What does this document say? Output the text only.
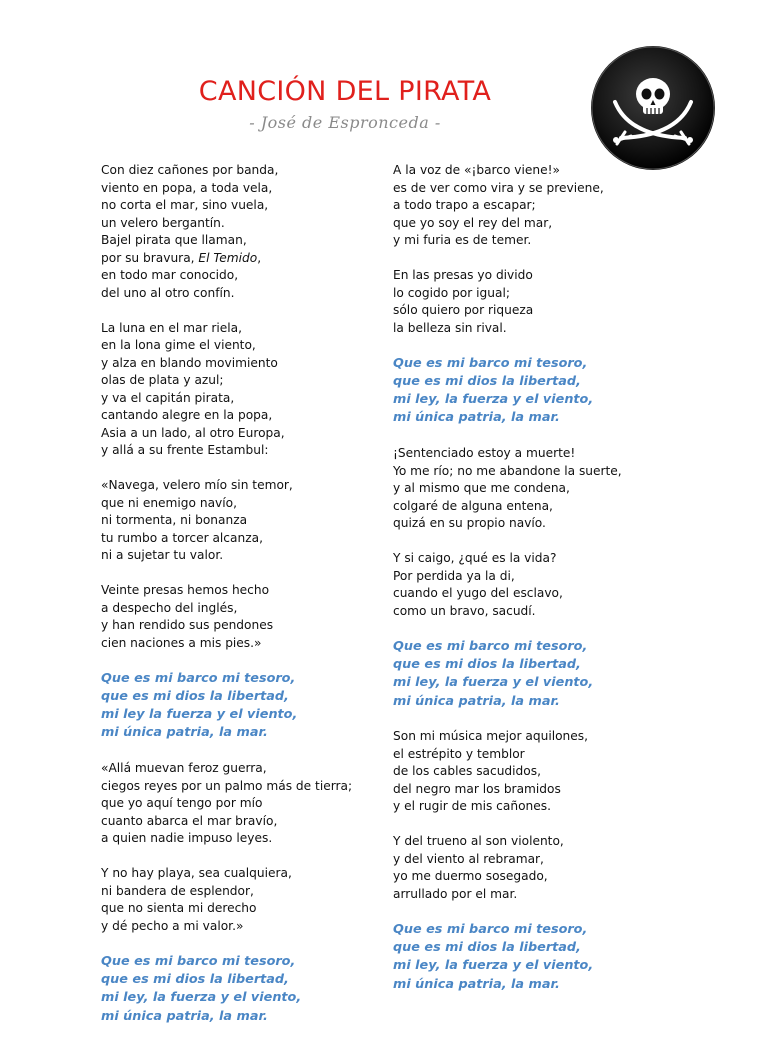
CANCIÓN DEL PIRATA
- José de Espronceda -
Con diez cañones por banda,
viento en popa, a toda vela,
no corta el mar, sino vuela,
un velero bergantín.
Bajel pirata que llaman,
por su bravura, El Temido,
en todo mar conocido,
del uno al otro confín.
La luna en el mar riela,
en la lona gime el viento,
y alza en blando movimiento
olas de plata y azul;
y va el capitán pirata,
cantando alegre en la popa,
Asia a un lado, al otro Europa,
y allá a su frente Estambul:
«Navega, velero mío sin temor,
que ni enemigo navío,
ni tormenta, ni bonanza
tu rumbo a torcer alcanza,
ni a sujetar tu valor.
Veinte presas hemos hecho
a despecho del inglés,
y han rendido sus pendones
cien naciones a mis pies.»
Que es mi barco mi tesoro,
que es mi dios la libertad,
mi ley la fuerza y el viento,
mi única patria, la mar.
«Allá muevan feroz guerra,
ciegos reyes por un palmo más de tierra;
que yo aquí tengo por mío
cuanto abarca el mar bravío,
a quien nadie impuso leyes.
Y no hay playa, sea cualquiera,
ni bandera de esplendor,
que no sienta mi derecho
y dé pecho a mi valor.»
Que es mi barco mi tesoro,
que es mi dios la libertad,
mi ley, la fuerza y el viento,
mi única patria, la mar.
A la voz de «¡barco viene!»
es de ver como vira y se previene,
a todo trapo a escapar;
que yo soy el rey del mar,
y mi furia es de temer.
En las presas yo divido
lo cogido por igual;
sólo quiero por riqueza
la belleza sin rival.
Que es mi barco mi tesoro,
que es mi dios la libertad,
mi ley, la fuerza y el viento,
mi única patria, la mar.
¡Sentenciado estoy a muerte!
Yo me río; no me abandone la suerte,
y al mismo que me condena,
colgaré de alguna entena,
quizá en su propio navío.
Y si caigo, ¿qué es la vida?
Por perdida ya la di,
cuando el yugo del esclavo,
como un bravo, sacudí.
Que es mi barco mi tesoro,
que es mi dios la libertad,
mi ley, la fuerza y el viento,
mi única patria, la mar.
Son mi música mejor aquilones,
el estrépito y temblor
de los cables sacudidos,
del negro mar los bramidos
y el rugir de mis cañones.
Y del trueno al son violento,
y del viento al rebramar,
yo me duermo sosegado,
arrullado por el mar.
Que es mi barco mi tesoro,
que es mi dios la libertad,
mi ley, la fuerza y el viento,
mi única patria, la mar.
